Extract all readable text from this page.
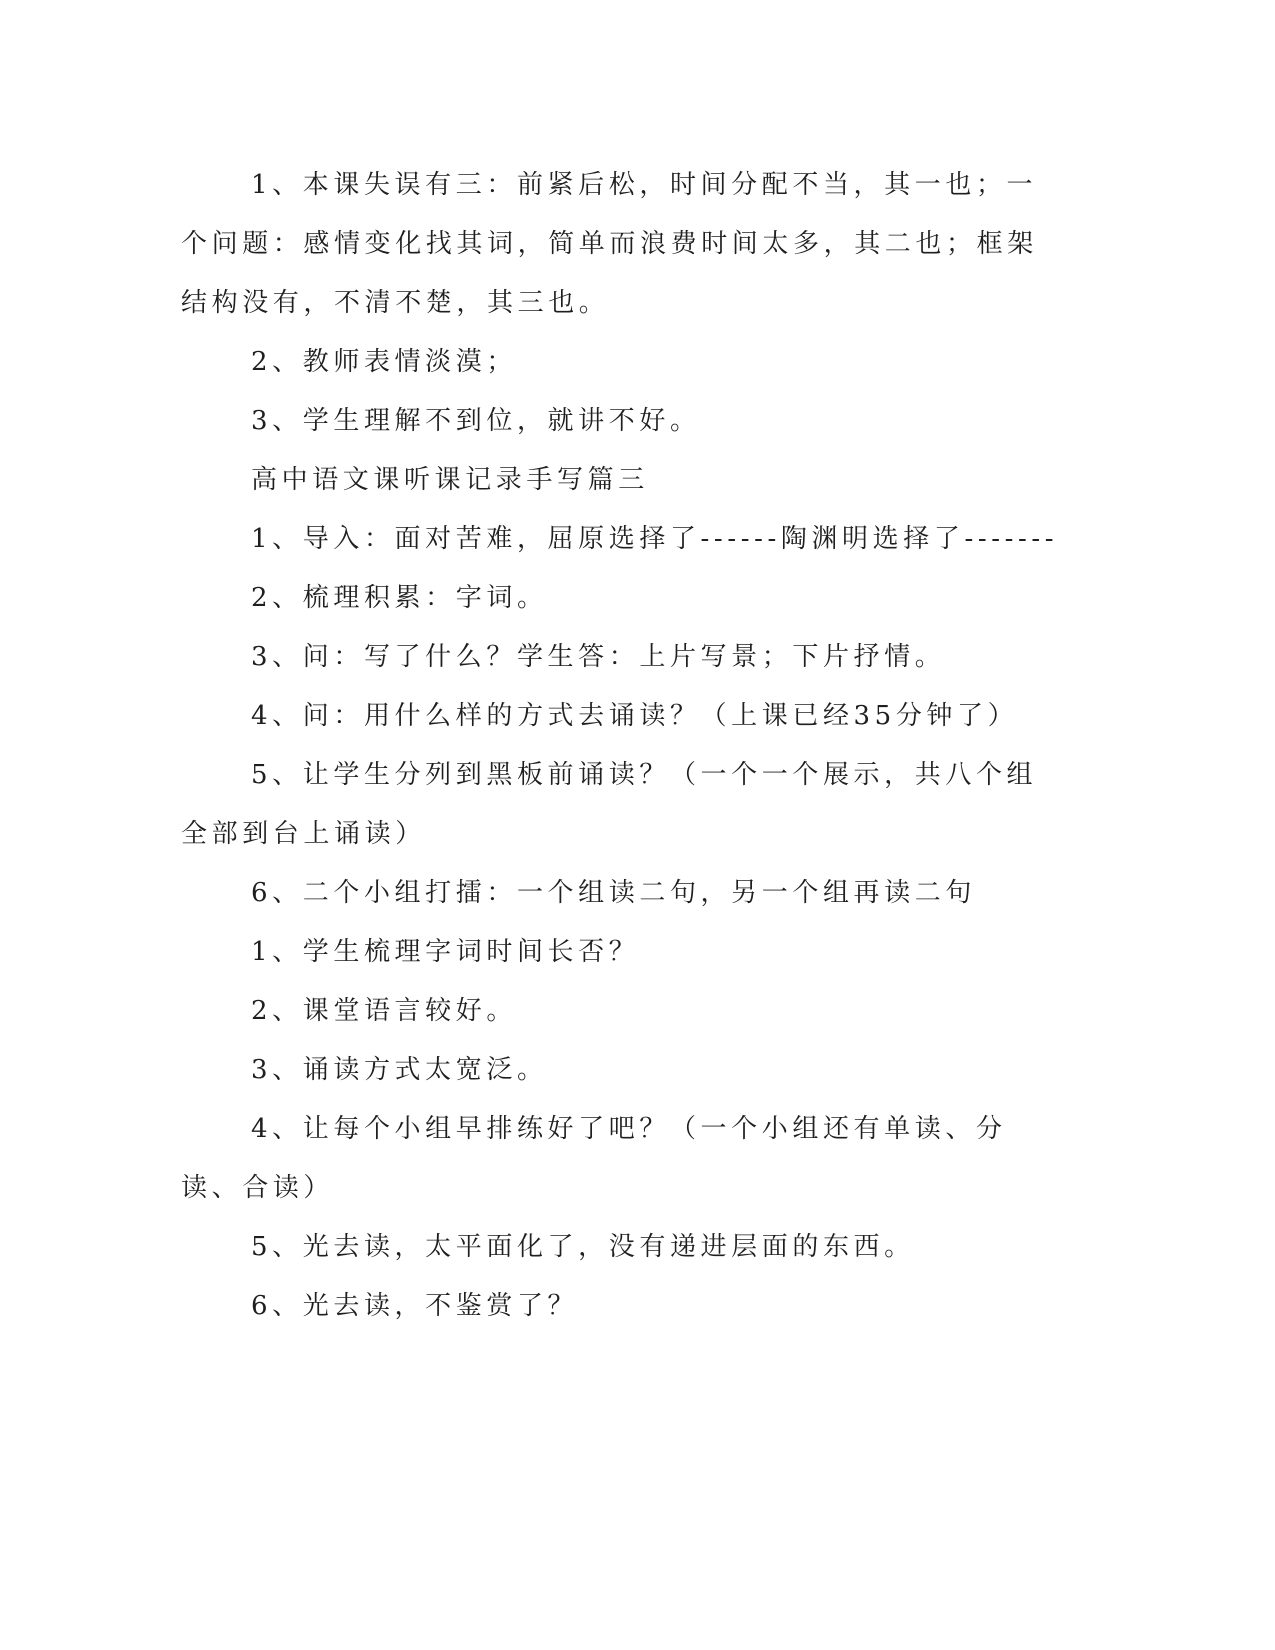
1、本课失误有三：前紧后松，时间分配不当，其一也；一个问题：感情变化找其词，简单而浪费时间太多，其二也；框架结构没有，不清不楚，其三也。

2、教师表情淡漠；

3、学生理解不到位，就讲不好。

高中语文课听课记录手写篇三

1、导入：面对苦难，屈原选择了------陶渊明选择了-------

2、梳理积累：字词。

3、问：写了什么？学生答：上片写景；下片抒情。

4、问：用什么样的方式去诵读？（上课已经35分钟了）

5、让学生分列到黑板前诵读？（一个一个展示，共八个组全部到台上诵读）

6、二个小组打擂：一个组读二句，另一个组再读二句

1、学生梳理字词时间长否？

2、课堂语言较好。

3、诵读方式太宽泛。

4、让每个小组早排练好了吧？（一个小组还有单读、分读、合读）

5、光去读，太平面化了，没有递进层面的东西。

6、光去读，不鉴赏了？
